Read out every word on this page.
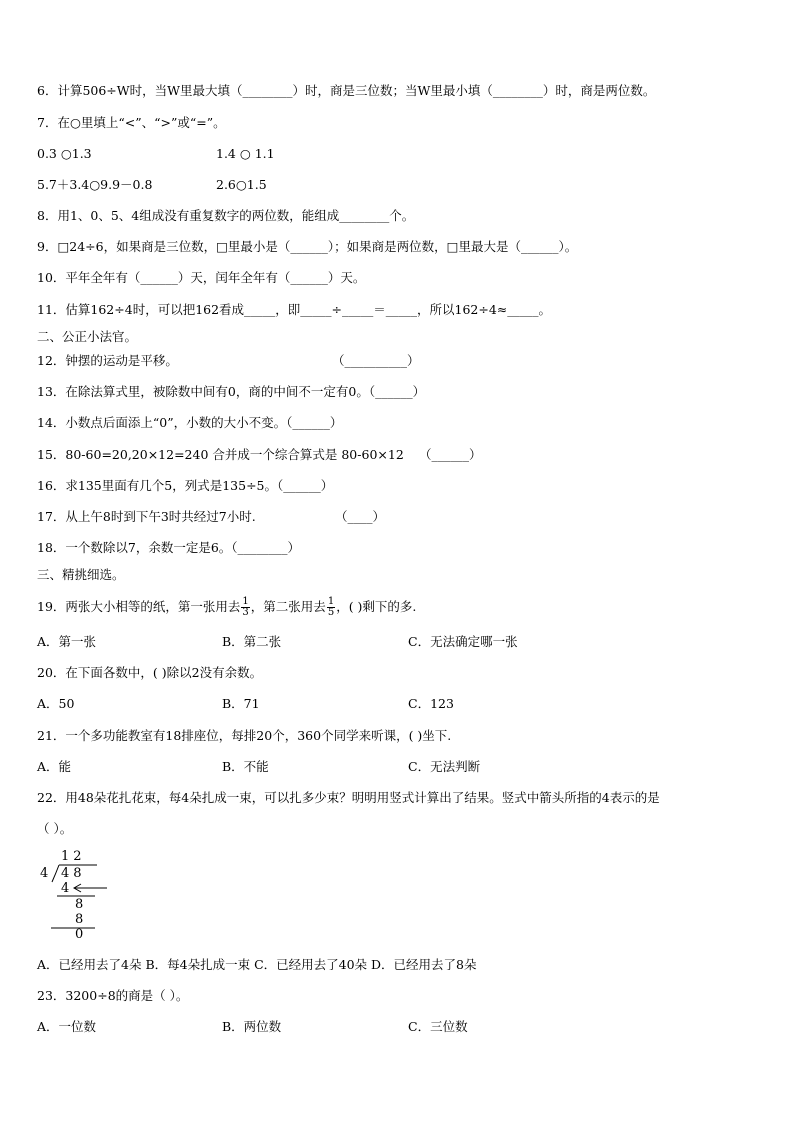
6．计算506÷W时，当W里最大填（________）时，商是三位数；当W里最小填（________）时，商是两位数。
7．在○里填上“<”、“>”或“=”。
0.3 ○1.3	1.4 ○ 1.1
5.7＋3.4○9.9－0.8	2.6○1.5
8．用1、0、5、4组成没有重复数字的两位数，能组成________个。
9．□24÷6，如果商是三位数，□里最小是（______）；如果商是两位数，□里最大是（______）。
10．平年全年有（______）天，闰年全年有（______）天。
11．估算162÷4时，可以把162看成_____，即_____÷_____＝_____，所以162÷4≈_____。
二、公正小法官。
12．钟摆的运动是平移。	（__________）
13．在除法算式里，被除数中间有0，商的中间不一定有0。（______）
14．小数点后面添上“0”，小数的大小不变。（______）
15．80-60=20,20×12=240 合并成一个综合算式是 80-60×12 （______）
16．求135里面有几个5，列式是135÷5。（______）
17．从上午8时到下午3时共经过7小时.	（____）
18．一个数除以7，余数一定是6。（________）
三、精挑细选。
19．两张大小相等的纸，第一张用去 $\frac{1}{3}$ ，第二张用去 $\frac{1}{5}$ ，( )剩下的多.
A．第一张	B．第二张	C．无法确定哪一张
20．在下面各数中，( )除以2没有余数。
A．50	B．71	C．123
21．一个多功能教室有18排座位，每排20个，360个同学来听课，( )坐下.
A．能	B．不能	C．无法判断
22．用48朵花扎花束，每4朵扎成一束，可以扎多少束？明明用竖式计算出了结果。竖式中箭头所指的4表示的是
（ ）。
12
4 48
4
8
8
0
A．已经用去了4朵 B．每4朵扎成一束 C．已经用去了40朵 D．已经用去了8朵
23．3200÷8的商是（ ）。
A．一位数	B．两位数	C．三位数
